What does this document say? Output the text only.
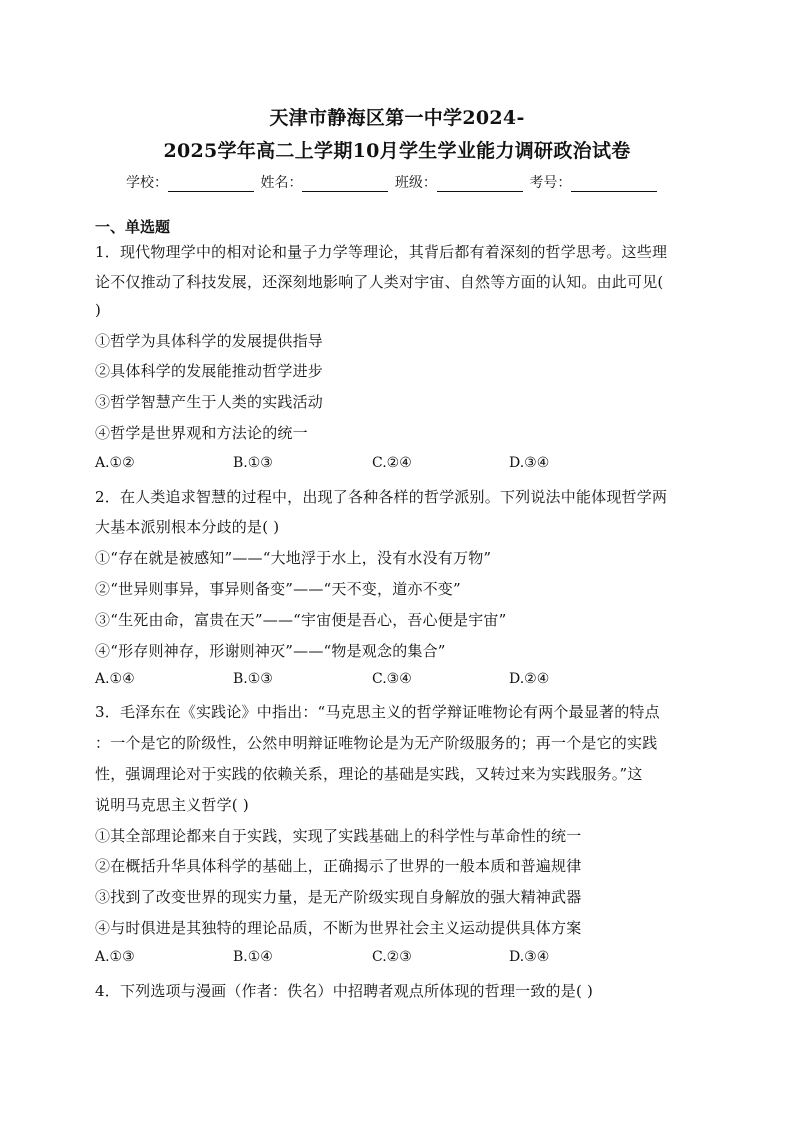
天津市静海区第一中学2024-
2025学年高二上学期10月学生学业能力调研政治试卷
学校：	姓名：	班级：	考号：
一、单选题
1．现代物理学中的相对论和量子力学等理论，其背后都有着深刻的哲学思考。这些理
论不仅推动了科技发展，还深刻地影响了人类对宇宙、自然等方面的认知。由此可见(
)
①哲学为具体科学的发展提供指导
②具体科学的发展能推动哲学进步
③哲学智慧产生于人类的实践活动
④哲学是世界观和方法论的统一
A.①②	B.①③	C.②④	D.③④
2．在人类追求智慧的过程中，出现了各种各样的哲学派别。下列说法中能体现哲学两
大基本派别根本分歧的是( )
①“存在就是被感知”——“大地浮于水上，没有水没有万物”
②“世异则事异，事异则备变”——“天不变，道亦不变”
③“生死由命，富贵在天”——“宇宙便是吾心，吾心便是宇宙”
④“形存则神存，形谢则神灭”——“物是观念的集合”
A.①④	B.①③	C.③④	D.②④
3．毛泽东在《实践论》中指出：“马克思主义的哲学辩证唯物论有两个最显著的特点
：一个是它的阶级性，公然申明辩证唯物论是为无产阶级服务的；再一个是它的实践
性，强调理论对于实践的依赖关系，理论的基础是实践，又转过来为实践服务。”这
说明马克思主义哲学( )
①其全部理论都来自于实践，实现了实践基础上的科学性与革命性的统一
②在概括升华具体科学的基础上，正确揭示了世界的一般本质和普遍规律
③找到了改变世界的现实力量，是无产阶级实现自身解放的强大精神武器
④与时俱进是其独特的理论品质，不断为世界社会主义运动提供具体方案
A.①③	B.①④	C.②③	D.③④
4．下列选项与漫画（作者：佚名）中招聘者观点所体现的哲理一致的是( )
